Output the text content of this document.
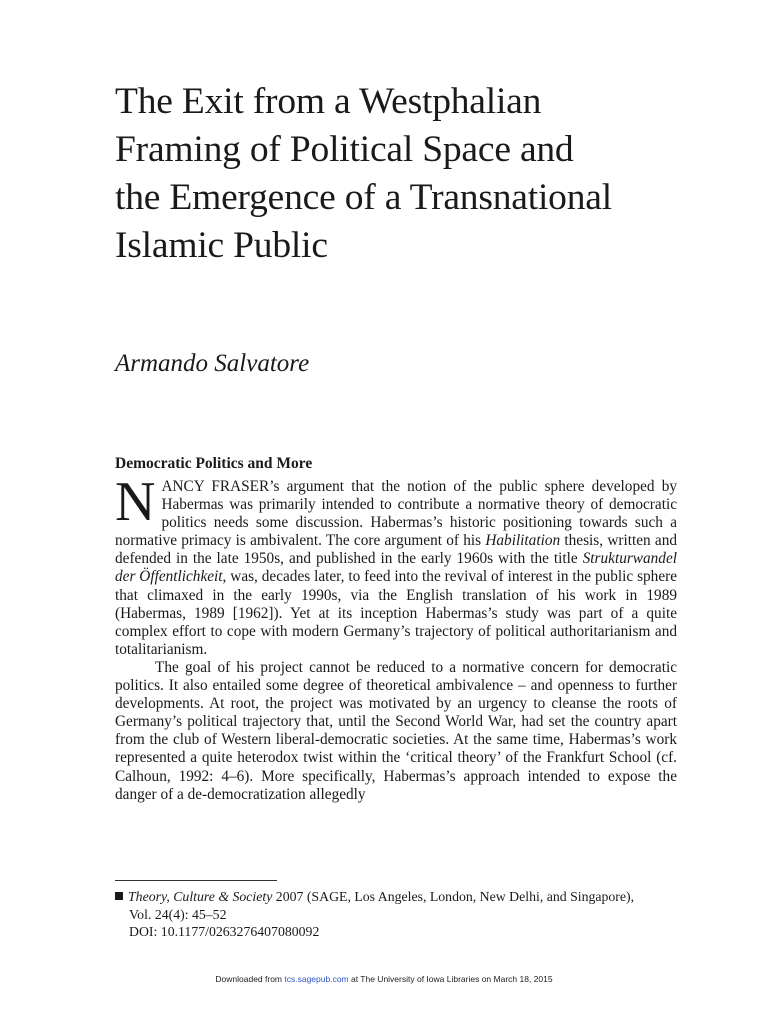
The Exit from a Westphalian
Framing of Political Space and
the Emergence of a Transnational
Islamic Public
Armando Salvatore
Democratic Politics and More

NANCY FRASER’s argument that the notion of the public sphere developed by Habermas was primarily intended to contribute a normative theory of democratic politics needs some discussion. Habermas’s historic positioning towards such a normative primacy is ambivalent. The core argument of his Habilitation thesis, written and defended in the late 1950s, and published in the early 1960s with the title Strukturwandel der Öffentlichkeit, was, decades later, to feed into the revival of interest in the public sphere that climaxed in the early 1990s, via the English translation of his work in 1989 (Habermas, 1989 [1962]). Yet at its inception Habermas’s study was part of a quite complex effort to cope with modern Germany’s trajectory of political authoritarianism and totalitarianism.

The goal of his project cannot be reduced to a normative concern for democratic politics. It also entailed some degree of theoretical ambivalence – and openness to further developments. At root, the project was motivated by an urgency to cleanse the roots of Germany’s political trajectory that, until the Second World War, had set the country apart from the club of Western liberal-democratic societies. At the same time, Habermas’s work represented a quite heterodox twist within the ‘critical theory’ of the Frankfurt School (cf. Calhoun, 1992: 4–6). More specifically, Habermas’s approach intended to expose the danger of a de-democratization allegedly

Theory, Culture & Society 2007 (SAGE, Los Angeles, London, New Delhi, and Singapore),
Vol. 24(4): 45–52
DOI: 10.1177/0263276407080092
Downloaded from tcs.sagepub.com at The University of Iowa Libraries on March 18, 2015
